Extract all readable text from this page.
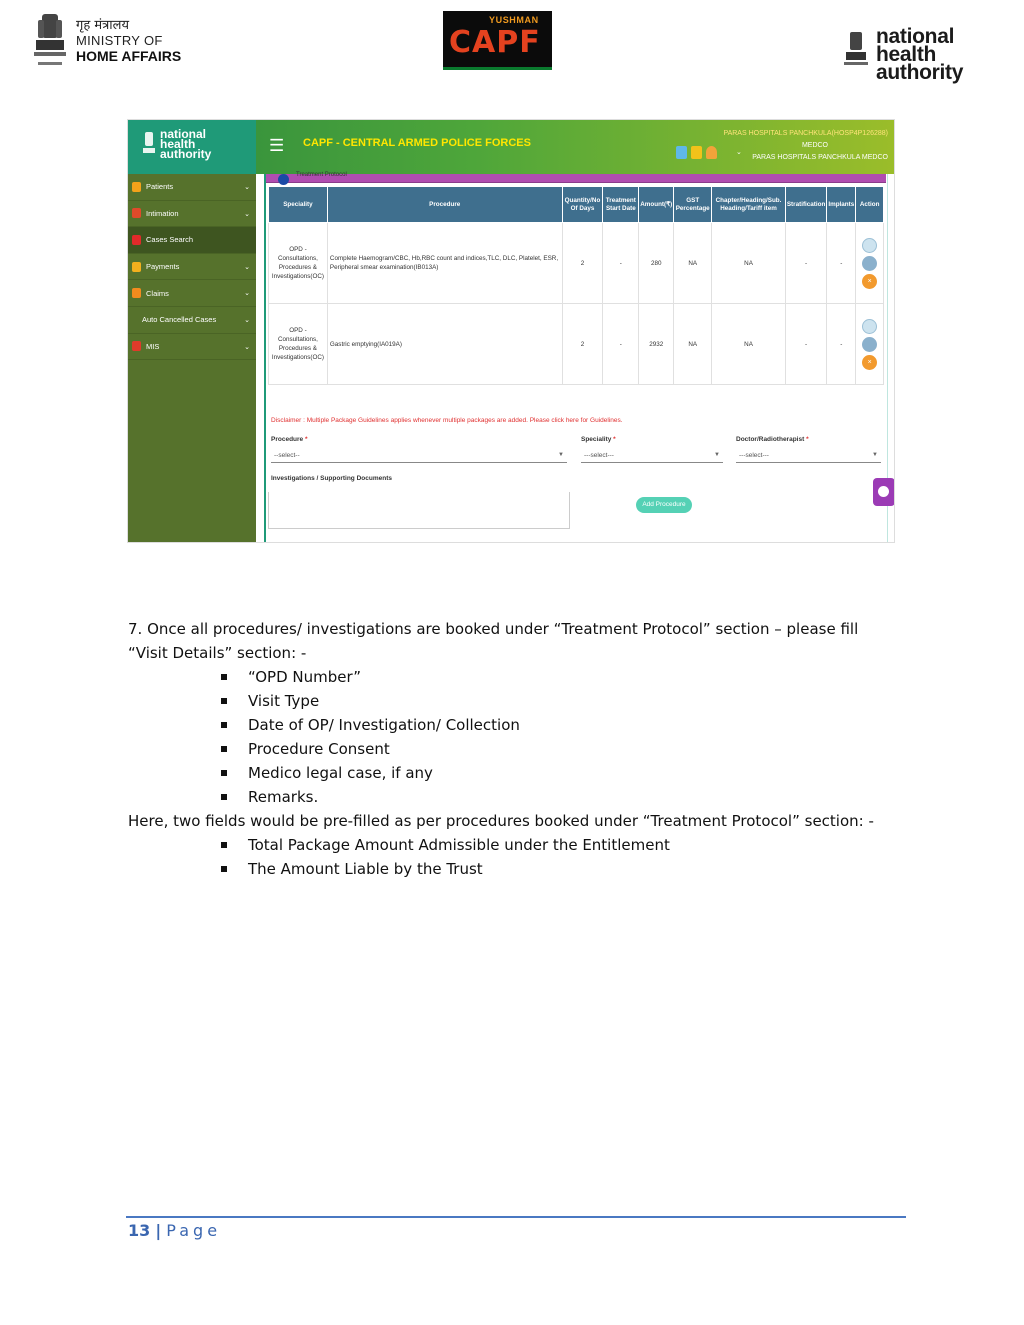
गृह मंत्रालय
MINISTRY OF
HOME AFFAIRS
YUSHMAN
CAPF	national
health
authority
national
health
authority	☰ CAPF - CENTRAL ARMED POLICE FORCES
⌄
PARAS HOSPITALS PANCHKULA(HOSP4P126288)
MEDCO
PARAS HOSPITALS PANCHKULA MEDCO
Patients	⌄
Intimation	⌄
Cases Search
Payments	⌄
Claims	⌄
Auto Cancelled Cases	⌄
MIS	⌄
Treatment Protocol
Speciality	Procedure	Quantity/No Of Days	Treatment Start Date	Amount(₹)	GST Percentage	Chapter/Heading/Sub. Heading/Tariff item	Stratification	Implants	Action
OPD - Consultations, Procedures & Investigations(OC)	Complete Haemogram/CBC, Hb,RBC count and indices,TLC, DLC, Platelet, ESR, Peripheral smear examination(IB013A)	2	-	280	NA	NA	-	-	×

OPD - Consultations, Procedures & Investigations(OC)	Gastric emptying(IA019A)	2	-	2932	NA	NA	-	-	×
Disclaimer : Multiple Package Guidelines applies whenever multiple packages are added. Please click here for Guidelines.
Procedure *
--select--	▼
Speciality *
---select---	▼
Doctor/Radiotherapist *
---select---	▼
Investigations / Supporting Documents
Add Procedure

7. Once all procedures/ investigations are booked under “Treatment Protocol” section – please fill “Visit Details” section: -

“OPD Number”
Visit Type
Date of OP/ Investigation/ Collection
Procedure Consent
Medico legal case, if any
Remarks.

Here, two fields would be pre-filled as per procedures booked under “Treatment Protocol” section: -

Total Package Amount Admissible under the Entitlement
The Amount Liable by the Trust
13 | Page
